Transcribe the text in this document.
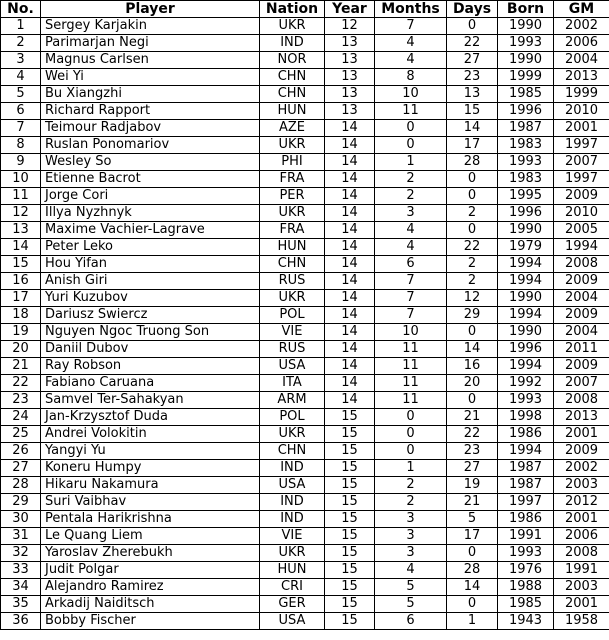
No.	Player	Nation	Year	Months	Days	Born	GM
1	Sergey Karjakin	UKR	12	7	0	1990	2002
2	Parimarjan Negi	IND	13	4	22	1993	2006
3	Magnus Carlsen	NOR	13	4	27	1990	2004
4	Wei Yi	CHN	13	8	23	1999	2013
5	Bu Xiangzhi	CHN	13	10	13	1985	1999
6	Richard Rapport	HUN	13	11	15	1996	2010
7	Teimour Radjabov	AZE	14	0	14	1987	2001
8	Ruslan Ponomariov	UKR	14	0	17	1983	1997
9	Wesley So	PHI	14	1	28	1993	2007
10	Etienne Bacrot	FRA	14	2	0	1983	1997
11	Jorge Cori	PER	14	2	0	1995	2009
12	Illya Nyzhnyk	UKR	14	3	2	1996	2010
13	Maxime Vachier-Lagrave	FRA	14	4	0	1990	2005
14	Peter Leko	HUN	14	4	22	1979	1994
15	Hou Yifan	CHN	14	6	2	1994	2008
16	Anish Giri	RUS	14	7	2	1994	2009
17	Yuri Kuzubov	UKR	14	7	12	1990	2004
18	Dariusz Swiercz	POL	14	7	29	1994	2009
19	Nguyen Ngoc Truong Son	VIE	14	10	0	1990	2004
20	Daniil Dubov	RUS	14	11	14	1996	2011
21	Ray Robson	USA	14	11	16	1994	2009
22	Fabiano Caruana	ITA	14	11	20	1992	2007
23	Samvel Ter-Sahakyan	ARM	14	11	0	1993	2008
24	Jan-Krzysztof Duda	POL	15	0	21	1998	2013
25	Andrei Volokitin	UKR	15	0	22	1986	2001
26	Yangyi Yu	CHN	15	0	23	1994	2009
27	Koneru Humpy	IND	15	1	27	1987	2002
28	Hikaru Nakamura	USA	15	2	19	1987	2003
29	Suri Vaibhav	IND	15	2	21	1997	2012
30	Pentala Harikrishna	IND	15	3	5	1986	2001
31	Le Quang Liem	VIE	15	3	17	1991	2006
32	Yaroslav Zherebukh	UKR	15	3	0	1993	2008
33	Judit Polgar	HUN	15	4	28	1976	1991
34	Alejandro Ramirez	CRI	15	5	14	1988	2003
35	Arkadij Naiditsch	GER	15	5	0	1985	2001
36	Bobby Fischer	USA	15	6	1	1943	1958
